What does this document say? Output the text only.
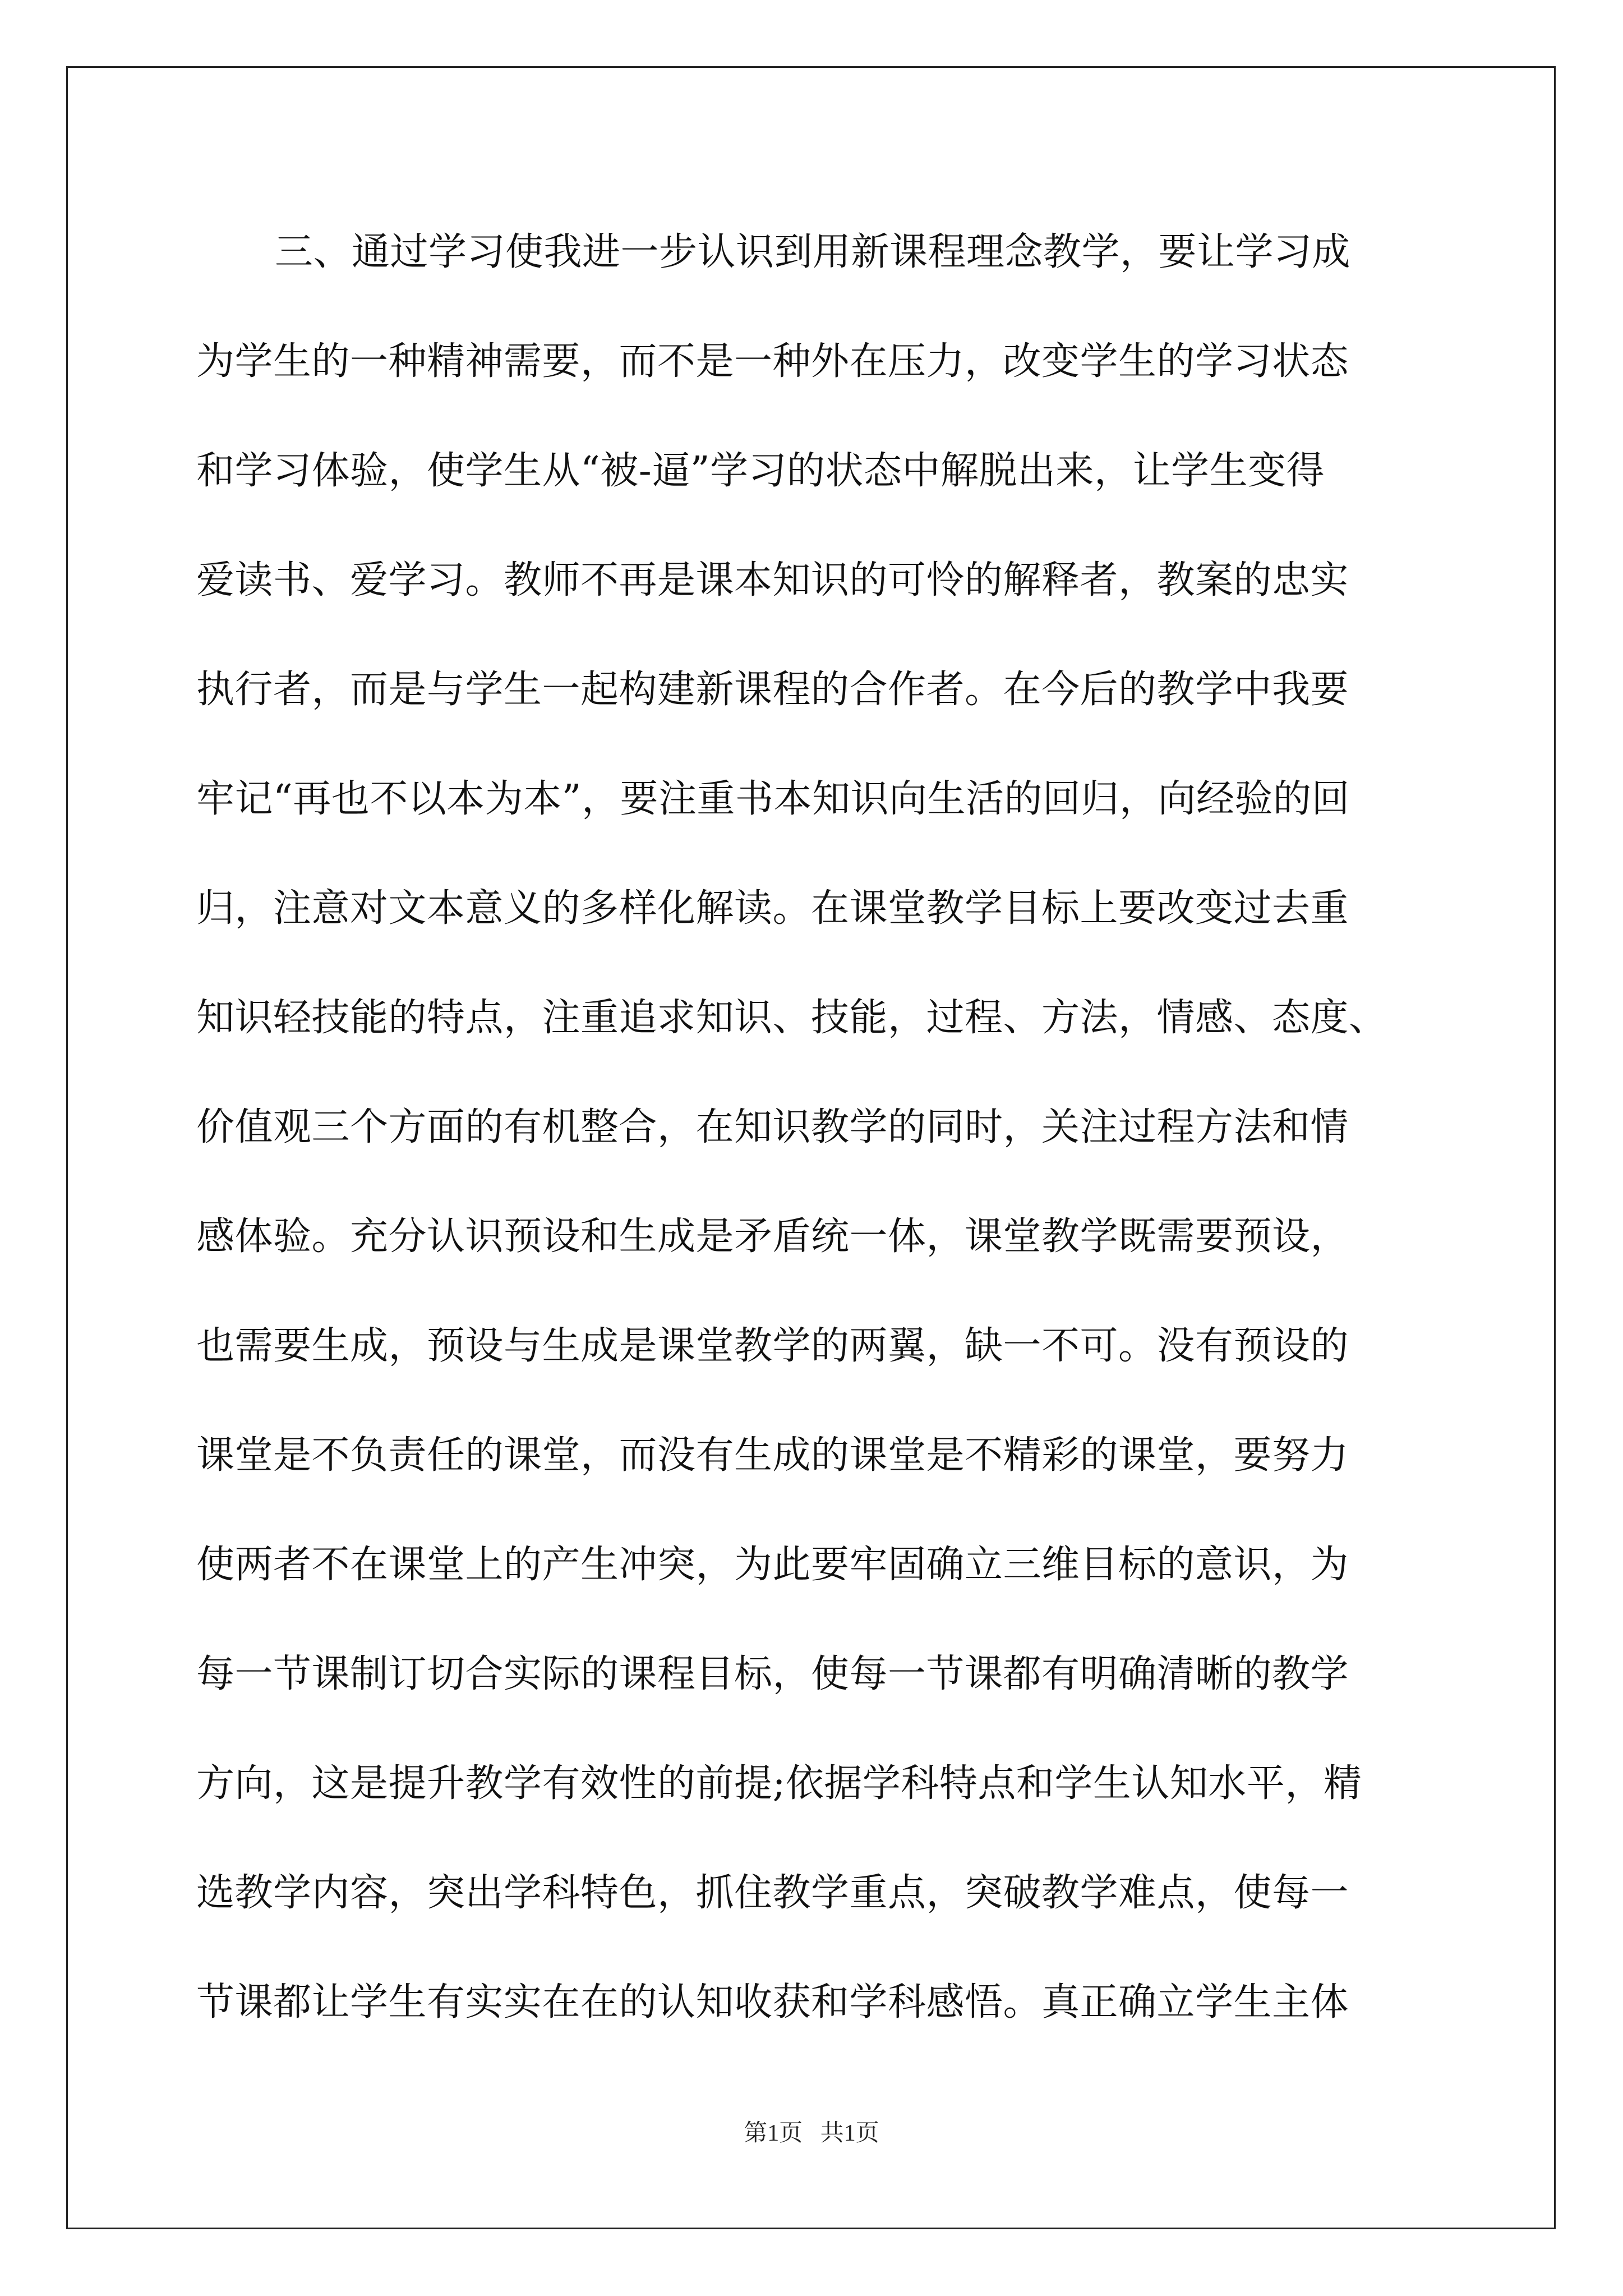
三、通过学习使我进一步认识到用新课程理念教学，要让学习成
为学生的一种精神需要，而不是一种外在压力，改变学生的学习状态
和学习体验，使学生从“被-逼”学习的状态中解脱出来，让学生变得
爱读书、爱学习。教师不再是课本知识的可怜的解释者，教案的忠实
执行者，而是与学生一起构建新课程的合作者。在今后的教学中我要
牢记“再也不以本为本”，要注重书本知识向生活的回归，向经验的回
归，注意对文本意义的多样化解读。在课堂教学目标上要改变过去重
知识轻技能的特点，注重追求知识、技能，过程、方法，情感、态度、
价值观三个方面的有机整合，在知识教学的同时，关注过程方法和情
感体验。充分认识预设和生成是矛盾统一体，课堂教学既需要预设，
也需要生成，预设与生成是课堂教学的两翼，缺一不可。没有预设的
课堂是不负责任的课堂，而没有生成的课堂是不精彩的课堂，要努力
使两者不在课堂上的产生冲突，为此要牢固确立三维目标的意识，为
每一节课制订切合实际的课程目标，使每一节课都有明确清晰的教学
方向，这是提升教学有效性的前提;依据学科特点和学生认知水平，精
选教学内容，突出学科特色，抓住教学重点，突破教学难点，使每一
节课都让学生有实实在在的认知收获和学科感悟。真正确立学生主体
第1页   共1页
